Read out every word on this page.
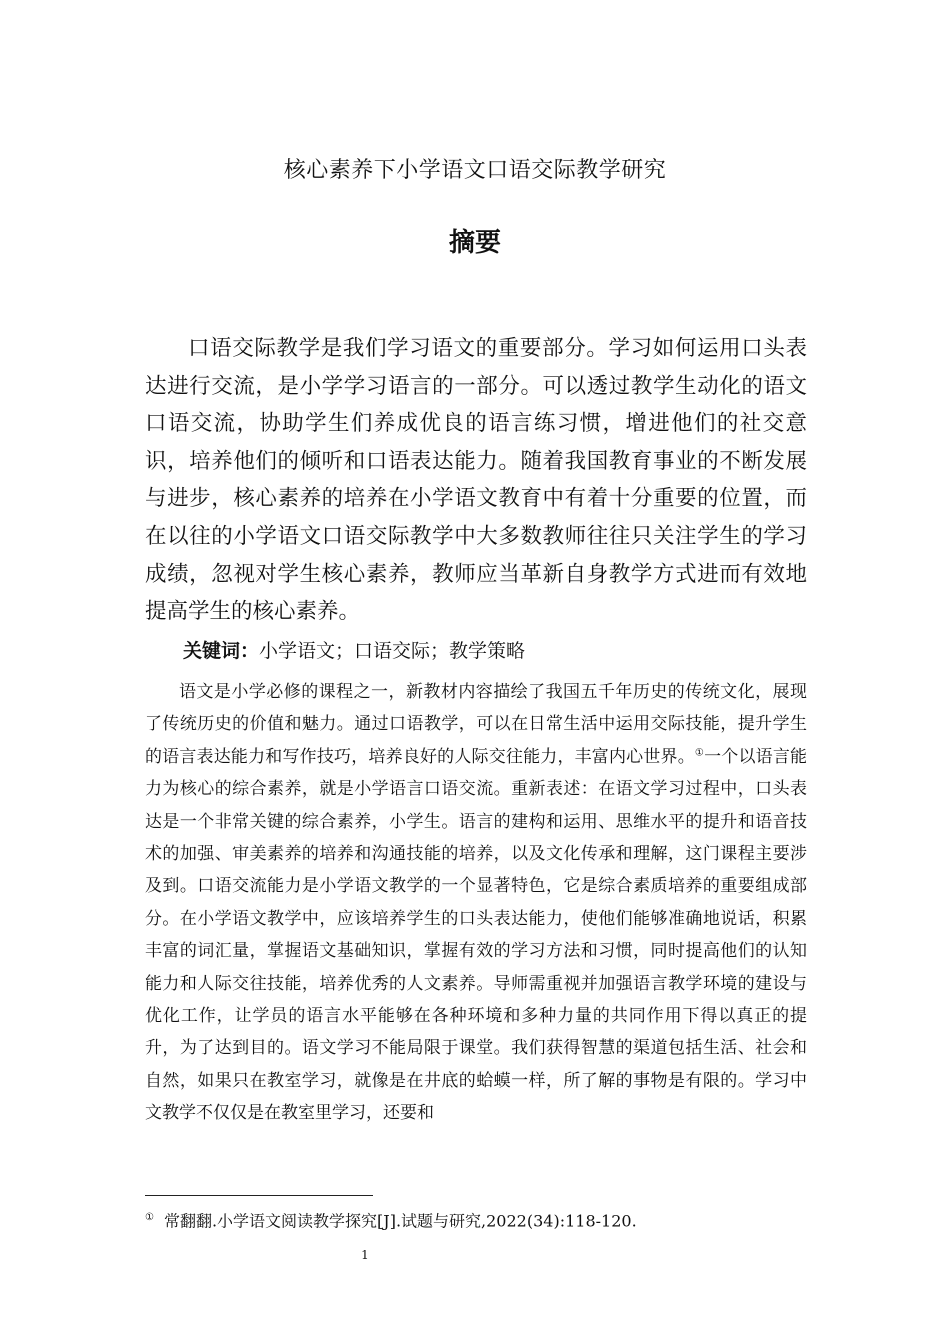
核心素养下小学语文口语交际教学研究
摘要

口语交际教学是我们学习语文的重要部分。学习如何运用口头表达进行交流，是小学学习语言的一部分。可以透过教学生动化的语文口语交流，协助学生们养成优良的语言练习惯，增进他们的社交意识，培养他们的倾听和口语表达能力。随着我国教育事业的不断发展与进步，核心素养的培养在小学语文教育中有着十分重要的位置，而在以往的小学语文口语交际教学中大多数教师往往只关注学生的学习成绩，忽视对学生核心素养，教师应当革新自身教学方式进而有效地提高学生的核心素养。

关键词：小学语文；口语交际；教学策略

语文是小学必修的课程之一，新教材内容描绘了我国五千年历史的传统文化，展现了传统历史的价值和魅力。通过口语教学，可以在日常生活中运用交际技能，提升学生的语言表达能力和写作技巧，培养良好的人际交往能力，丰富内心世界。①一个以语言能力为核心的综合素养，就是小学语言口语交流。重新表述：在语文学习过程中，口头表达是一个非常关键的综合素养，小学生。语言的建构和运用、思维水平的提升和语音技术的加强、审美素养的培养和沟通技能的培养，以及文化传承和理解，这门课程主要涉及到。口语交流能力是小学语文教学的一个显著特色，它是综合素质培养的重要组成部分。在小学语文教学中，应该培养学生的口头表达能力，使他们能够准确地说话，积累丰富的词汇量，掌握语文基础知识，掌握有效的学习方法和习惯，同时提高他们的认知能力和人际交往技能，培养优秀的人文素养。导师需重视并加强语言教学环境的建设与优化工作，让学员的语言水平能够在各种环境和多种力量的共同作用下得以真正的提升，为了达到目的。语文学习不能局限于课堂。我们获得智慧的渠道包括生活、社会和自然，如果只在教室学习，就像是在井底的蛤蟆一样，所了解的事物是有限的。学习中文教学不仅仅是在教室里学习，还要和

① 常翻翻.小学语文阅读教学探究[J].试题与研究,2022(34):118-120.
1
